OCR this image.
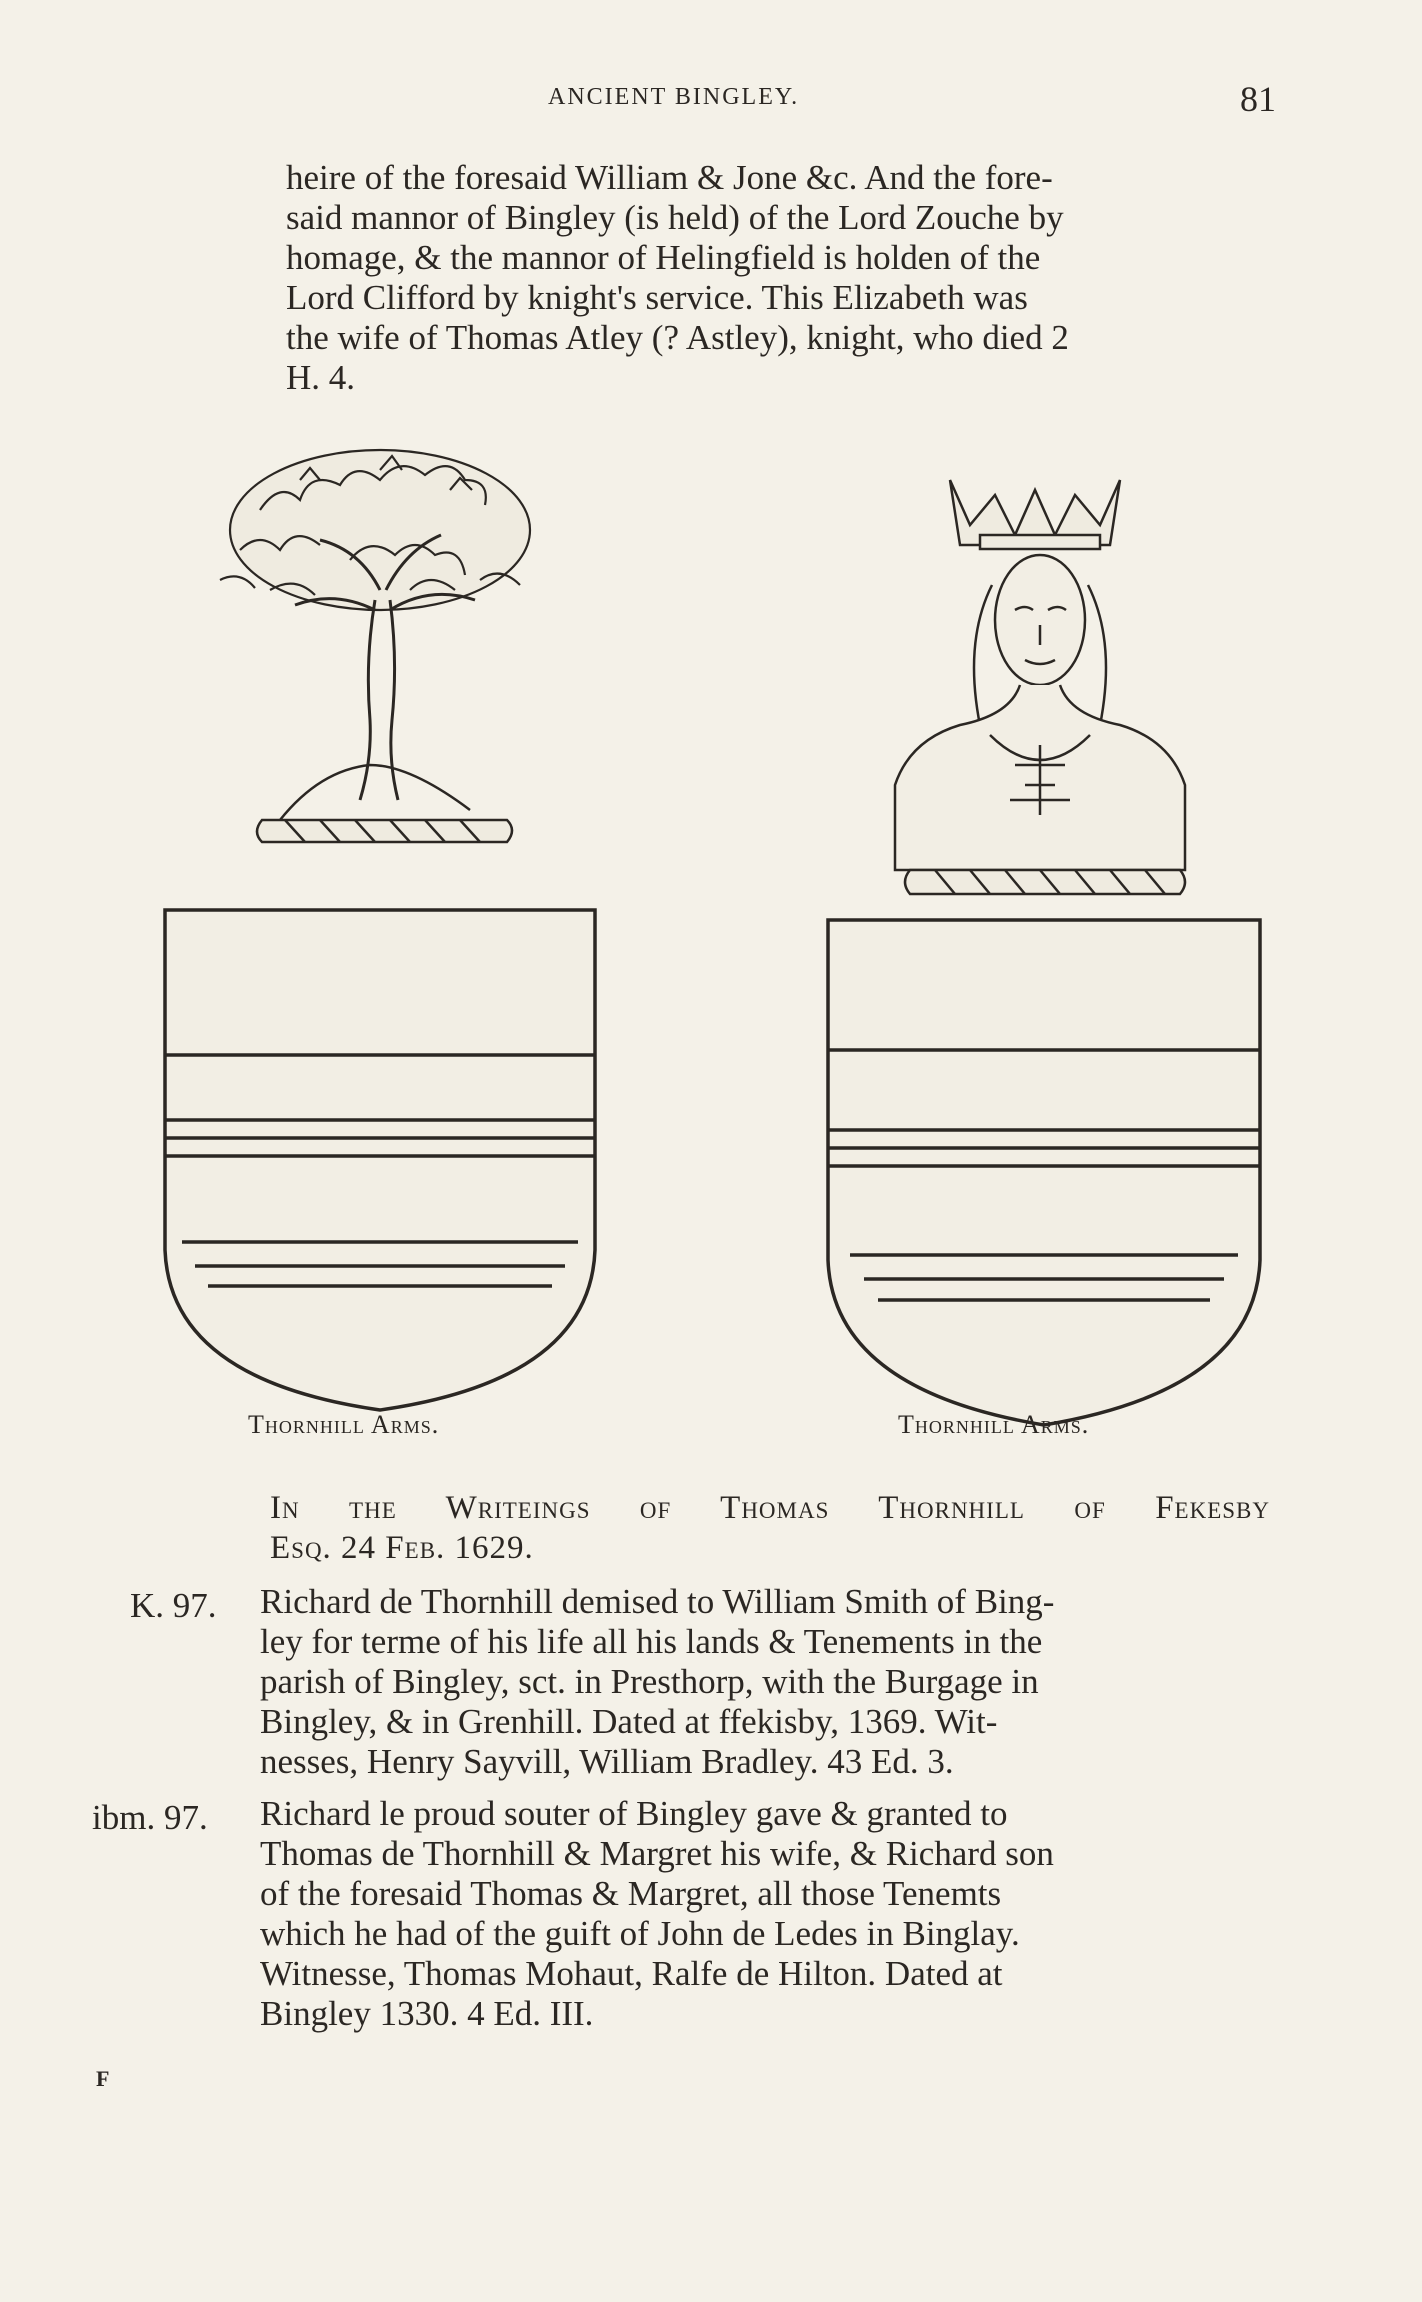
ANCIENT BINGLEY.	81
heire of the foresaid William & Jone &c. And the fore-
said mannor of Bingley (is held) of the Lord Zouche by
homage, & the mannor of Helingfield is holden of the
Lord Clifford by knight's service. This Elizabeth was
the wife of Thomas Atley (? Astley), knight, who died 2
H. 4.
Thornhill Arms.	Thornhill Arms.
In the Writeings of Thomas Thornhill of Fekesby
Esq. 24 Feb. 1629.
K. 97. Richard de Thornhill demised to William Smith of Bing-
ley for terme of his life all his lands & Tenements in the
parish of Bingley, sct. in Presthorp, with the Burgage in
Bingley, & in Grenhill. Dated at ffekisby, 1369. Wit-
nesses, Henry Sayvill, William Bradley. 43 Ed. 3.
ibm. 97. Richard le proud souter of Bingley gave & granted to
Thomas de Thornhill & Margret his wife, & Richard son
of the foresaid Thomas & Margret, all those Tenemts
which he had of the guift of John de Ledes in Binglay.
Witnesse, Thomas Mohaut, Ralfe de Hilton. Dated at
Bingley 1330. 4 Ed. III.
F
